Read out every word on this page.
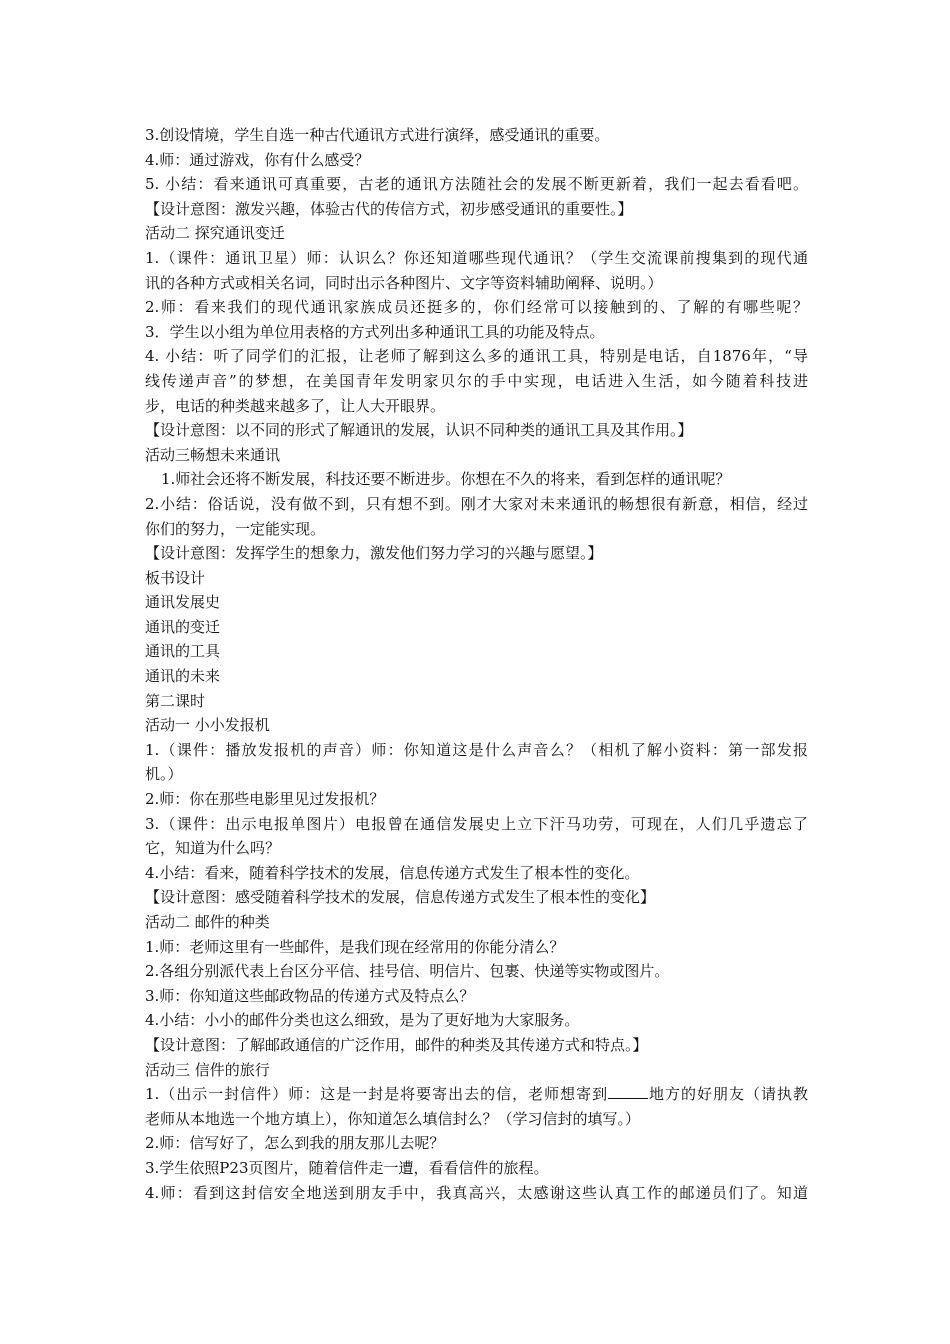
3.创设情境，学生自选一种古代通讯方式进行演绎，感受通讯的重要。
4.师：通过游戏，你有什么感受？
5. 小结：看来通讯可真重要，古老的通讯方法随社会的发展不断更新着，我们一起去看看吧。
【设计意图：激发兴趣，体验古代的传信方式，初步感受通讯的重要性。】
活动二 探究通讯变迁
1.（课件：通讯卫星）师：认识么？你还知道哪些现代通讯？（学生交流课前搜集到的现代通
讯的各种方式或相关名词，同时出示各种图片、文字等资料辅助阐释、说明。）
2.师：看来我们的现代通讯家族成员还挺多的，你们经常可以接触到的、了解的有哪些呢？
3．学生以小组为单位用表格的方式列出多种通讯工具的功能及特点。
4. 小结：听了同学们的汇报，让老师了解到这么多的通讯工具，特别是电话，自1876年，“导
线传递声音”的梦想，在美国青年发明家贝尔的手中实现，电话进入生活，如今随着科技进
步，电话的种类越来越多了，让人大开眼界。
【设计意图：以不同的形式了解通讯的发展，认识不同种类的通讯工具及其作用。】
活动三畅想未来通讯
1.师社会还将不断发展，科技还要不断进步。你想在不久的将来，看到怎样的通讯呢？
2.小结：俗话说，没有做不到，只有想不到。刚才大家对未来通讯的畅想很有新意，相信，经过
你们的努力，一定能实现。
【设计意图：发挥学生的想象力，激发他们努力学习的兴趣与愿望。】
板书设计
通讯发展史
通讯的变迁
通讯的工具
通讯的未来
第二课时
活动一 小小发报机
1.（课件：播放发报机的声音）师：你知道这是什么声音么？（相机了解小资料：第一部发报
机。）
2.师：你在那些电影里见过发报机？
3.（课件：出示电报单图片）电报曾在通信发展史上立下汗马功劳，可现在，人们几乎遗忘了
它，知道为什么吗？
4.小结：看来，随着科学技术的发展，信息传递方式发生了根本性的变化。
【设计意图：感受随着科学技术的发展，信息传递方式发生了根本性的变化】
活动二 邮件的种类
1.师：老师这里有一些邮件，是我们现在经常用的你能分清么？
2.各组分别派代表上台区分平信、挂号信、明信片、包裹、快递等实物或图片。
3.师：你知道这些邮政物品的传递方式及特点么？
4.小结：小小的邮件分类也这么细致，是为了更好地为大家服务。
【设计意图：了解邮政通信的广泛作用，邮件的种类及其传递方式和特点。】
活动三 信件的旅行
1.（出示一封信件）师：这是一封是将要寄出去的信，老师想寄到	地方的好朋友（请执教
老师从本地选一个地方填上），你知道怎么填信封么？（学习信封的填写。）
2.师：信写好了，怎么到我的朋友那儿去呢？
3.学生依照P23页图片，随着信件走一遭，看看信件的旅程。
4.师：看到这封信安全地送到朋友手中，我真高兴，太感谢这些认真工作的邮递员们了。知道
